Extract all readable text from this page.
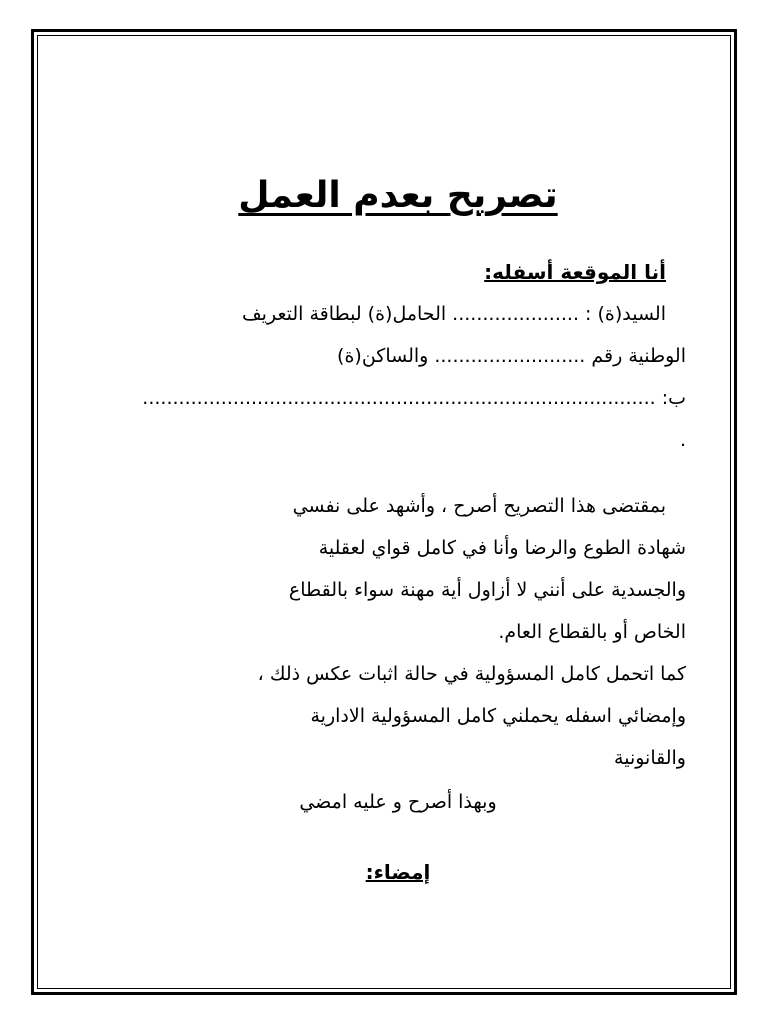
تصريح بعدم العمل
أنا الموقعة أسفله:
السيد(ة) : ..................... الحامل(ة) لبطاقة التعريف
الوطنية رقم ......................... والساكن(ة)
ب: .....................................................................................
.
بمقتضى هذا التصريح أصرح ، وأشهد على نفسي
شهادة الطوع والرضا وأنا في كامل قواي لعقلية
والجسدية على أنني لا أزاول أية مهنة سواء بالقطاع
الخاص أو بالقطاع العام.
كما اتحمل كامل المسؤولية في حالة اثبات عكس ذلك ،
وإمضائي اسفله يحملني كامل المسؤولية الادارية
والقانونية
وبهذا أصرح و عليه امضي
إمضاء:
